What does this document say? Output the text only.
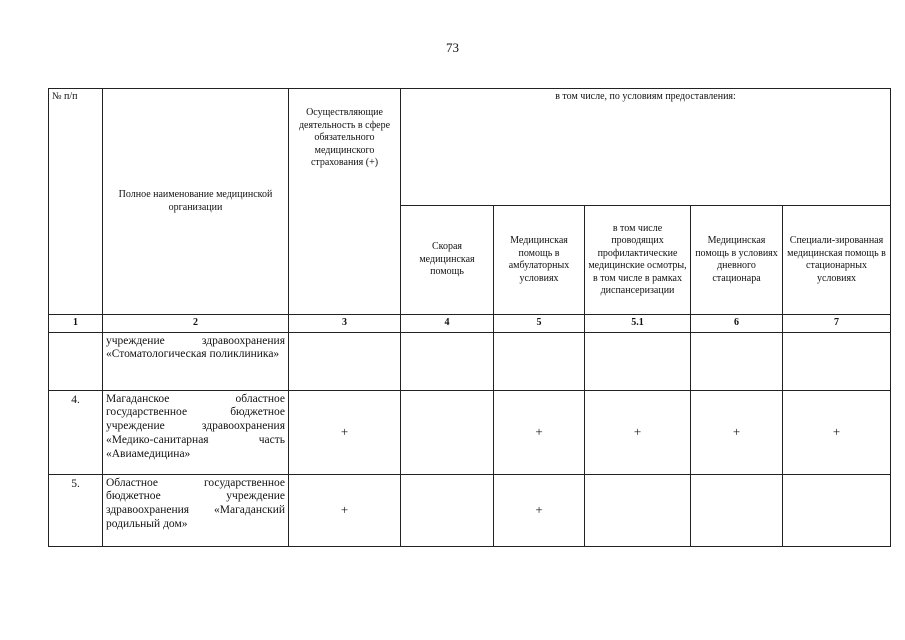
73
№ п/п	Полное наименование медицинской организации	Осуществляющие деятельность в сфере обязательного медицинского страхования (+)	в том числе, по условиям предоставления:				
			Скорая медицинская помощь	Медицинская помощь в амбулаторных условиях	в том числе проводящих профилактические медицинские осмотры, в том числе в рамках диспансеризации	Медицинская помощь в условиях дневного стационара	Специали-зированная медицинская помощь в стационарных условиях
1	2	3	4	5	5.1	6	7
	учреждение здравоохранения «Стоматологическая поликлиника»						
4.	Магаданское областное государственное бюджетное учреждение здравоохранения «Медико-санитарная часть «Авиамедицина»	+		+	+	+	+
5.	Областное государственное бюджетное учреждение здравоохранения «Магаданский родильный дом»	+		+			
